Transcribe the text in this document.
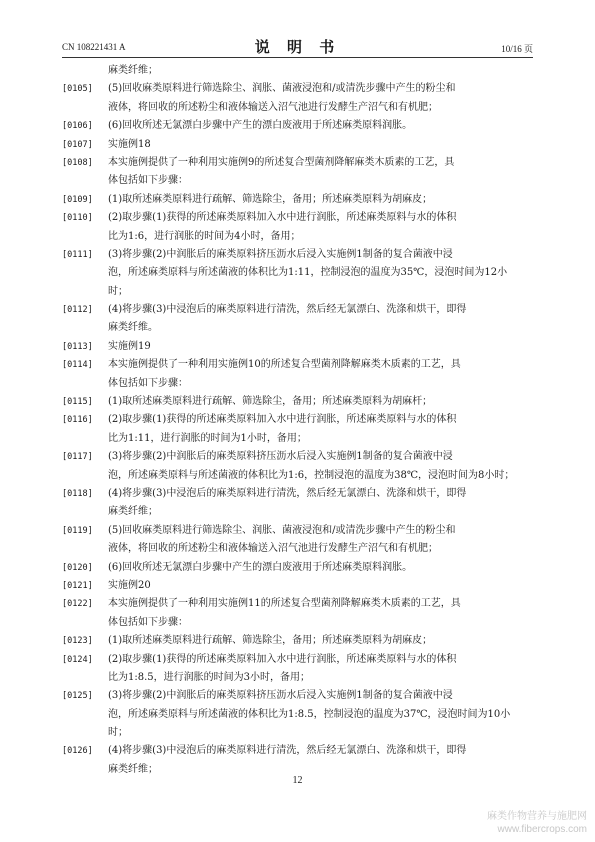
CN 108221431 A	说 明 书	10/16 页
麻类纤维；
[0105] (5)回收麻类原料进行筛选除尘、润胀、菌液浸泡和/或清洗步骤中产生的粉尘和
液体，将回收的所述粉尘和液体输送入沼气池进行发酵生产沼气和有机肥；
[0106] (6)回收所述无氯漂白步骤中产生的漂白废液用于所述麻类原料润胀。
[0107] 实施例18
[0108] 本实施例提供了一种利用实施例9的所述复合型菌剂降解麻类木质素的工艺，具
体包括如下步骤：
[0109] (1)取所述麻类原料进行疏解、筛选除尘，备用；所述麻类原料为胡麻皮；
[0110] (2)取步骤(1)获得的所述麻类原料加入水中进行润胀，所述麻类原料与水的体积
比为1:6，进行润胀的时间为4小时，备用；
[0111] (3)将步骤(2)中润胀后的麻类原料挤压沥水后浸入实施例1制备的复合菌液中浸
泡，所述麻类原料与所述菌液的体积比为1:11，控制浸泡的温度为35℃，浸泡时间为12小
时；
[0112] (4)将步骤(3)中浸泡后的麻类原料进行清洗，然后经无氯漂白、洗涤和烘干，即得
麻类纤维。
[0113] 实施例19
[0114] 本实施例提供了一种利用实施例10的所述复合型菌剂降解麻类木质素的工艺，具
体包括如下步骤：
[0115] (1)取所述麻类原料进行疏解、筛选除尘，备用；所述麻类原料为胡麻杆；
[0116] (2)取步骤(1)获得的所述麻类原料加入水中进行润胀，所述麻类原料与水的体积
比为1:11，进行润胀的时间为1小时，备用；
[0117] (3)将步骤(2)中润胀后的麻类原料挤压沥水后浸入实施例1制备的复合菌液中浸
泡，所述麻类原料与所述菌液的体积比为1:6，控制浸泡的温度为38℃，浸泡时间为8小时；
[0118] (4)将步骤(3)中浸泡后的麻类原料进行清洗，然后经无氯漂白、洗涤和烘干，即得
麻类纤维；
[0119] (5)回收麻类原料进行筛选除尘、润胀、菌液浸泡和/或清洗步骤中产生的粉尘和
液体，将回收的所述粉尘和液体输送入沼气池进行发酵生产沼气和有机肥；
[0120] (6)回收所述无氯漂白步骤中产生的漂白废液用于所述麻类原料润胀。
[0121] 实施例20
[0122] 本实施例提供了一种利用实施例11的所述复合型菌剂降解麻类木质素的工艺，具
体包括如下步骤：
[0123] (1)取所述麻类原料进行疏解、筛选除尘，备用；所述麻类原料为胡麻皮；
[0124] (2)取步骤(1)获得的所述麻类原料加入水中进行润胀，所述麻类原料与水的体积
比为1:8.5，进行润胀的时间为3小时，备用；
[0125] (3)将步骤(2)中润胀后的麻类原料挤压沥水后浸入实施例1制备的复合菌液中浸
泡，所述麻类原料与所述菌液的体积比为1:8.5，控制浸泡的温度为37℃，浸泡时间为10小
时；
[0126] (4)将步骤(3)中浸泡后的麻类原料进行清洗，然后经无氯漂白、洗涤和烘干，即得
麻类纤维；
12
麻类作物营养与施肥网
www.fibercrops.com
